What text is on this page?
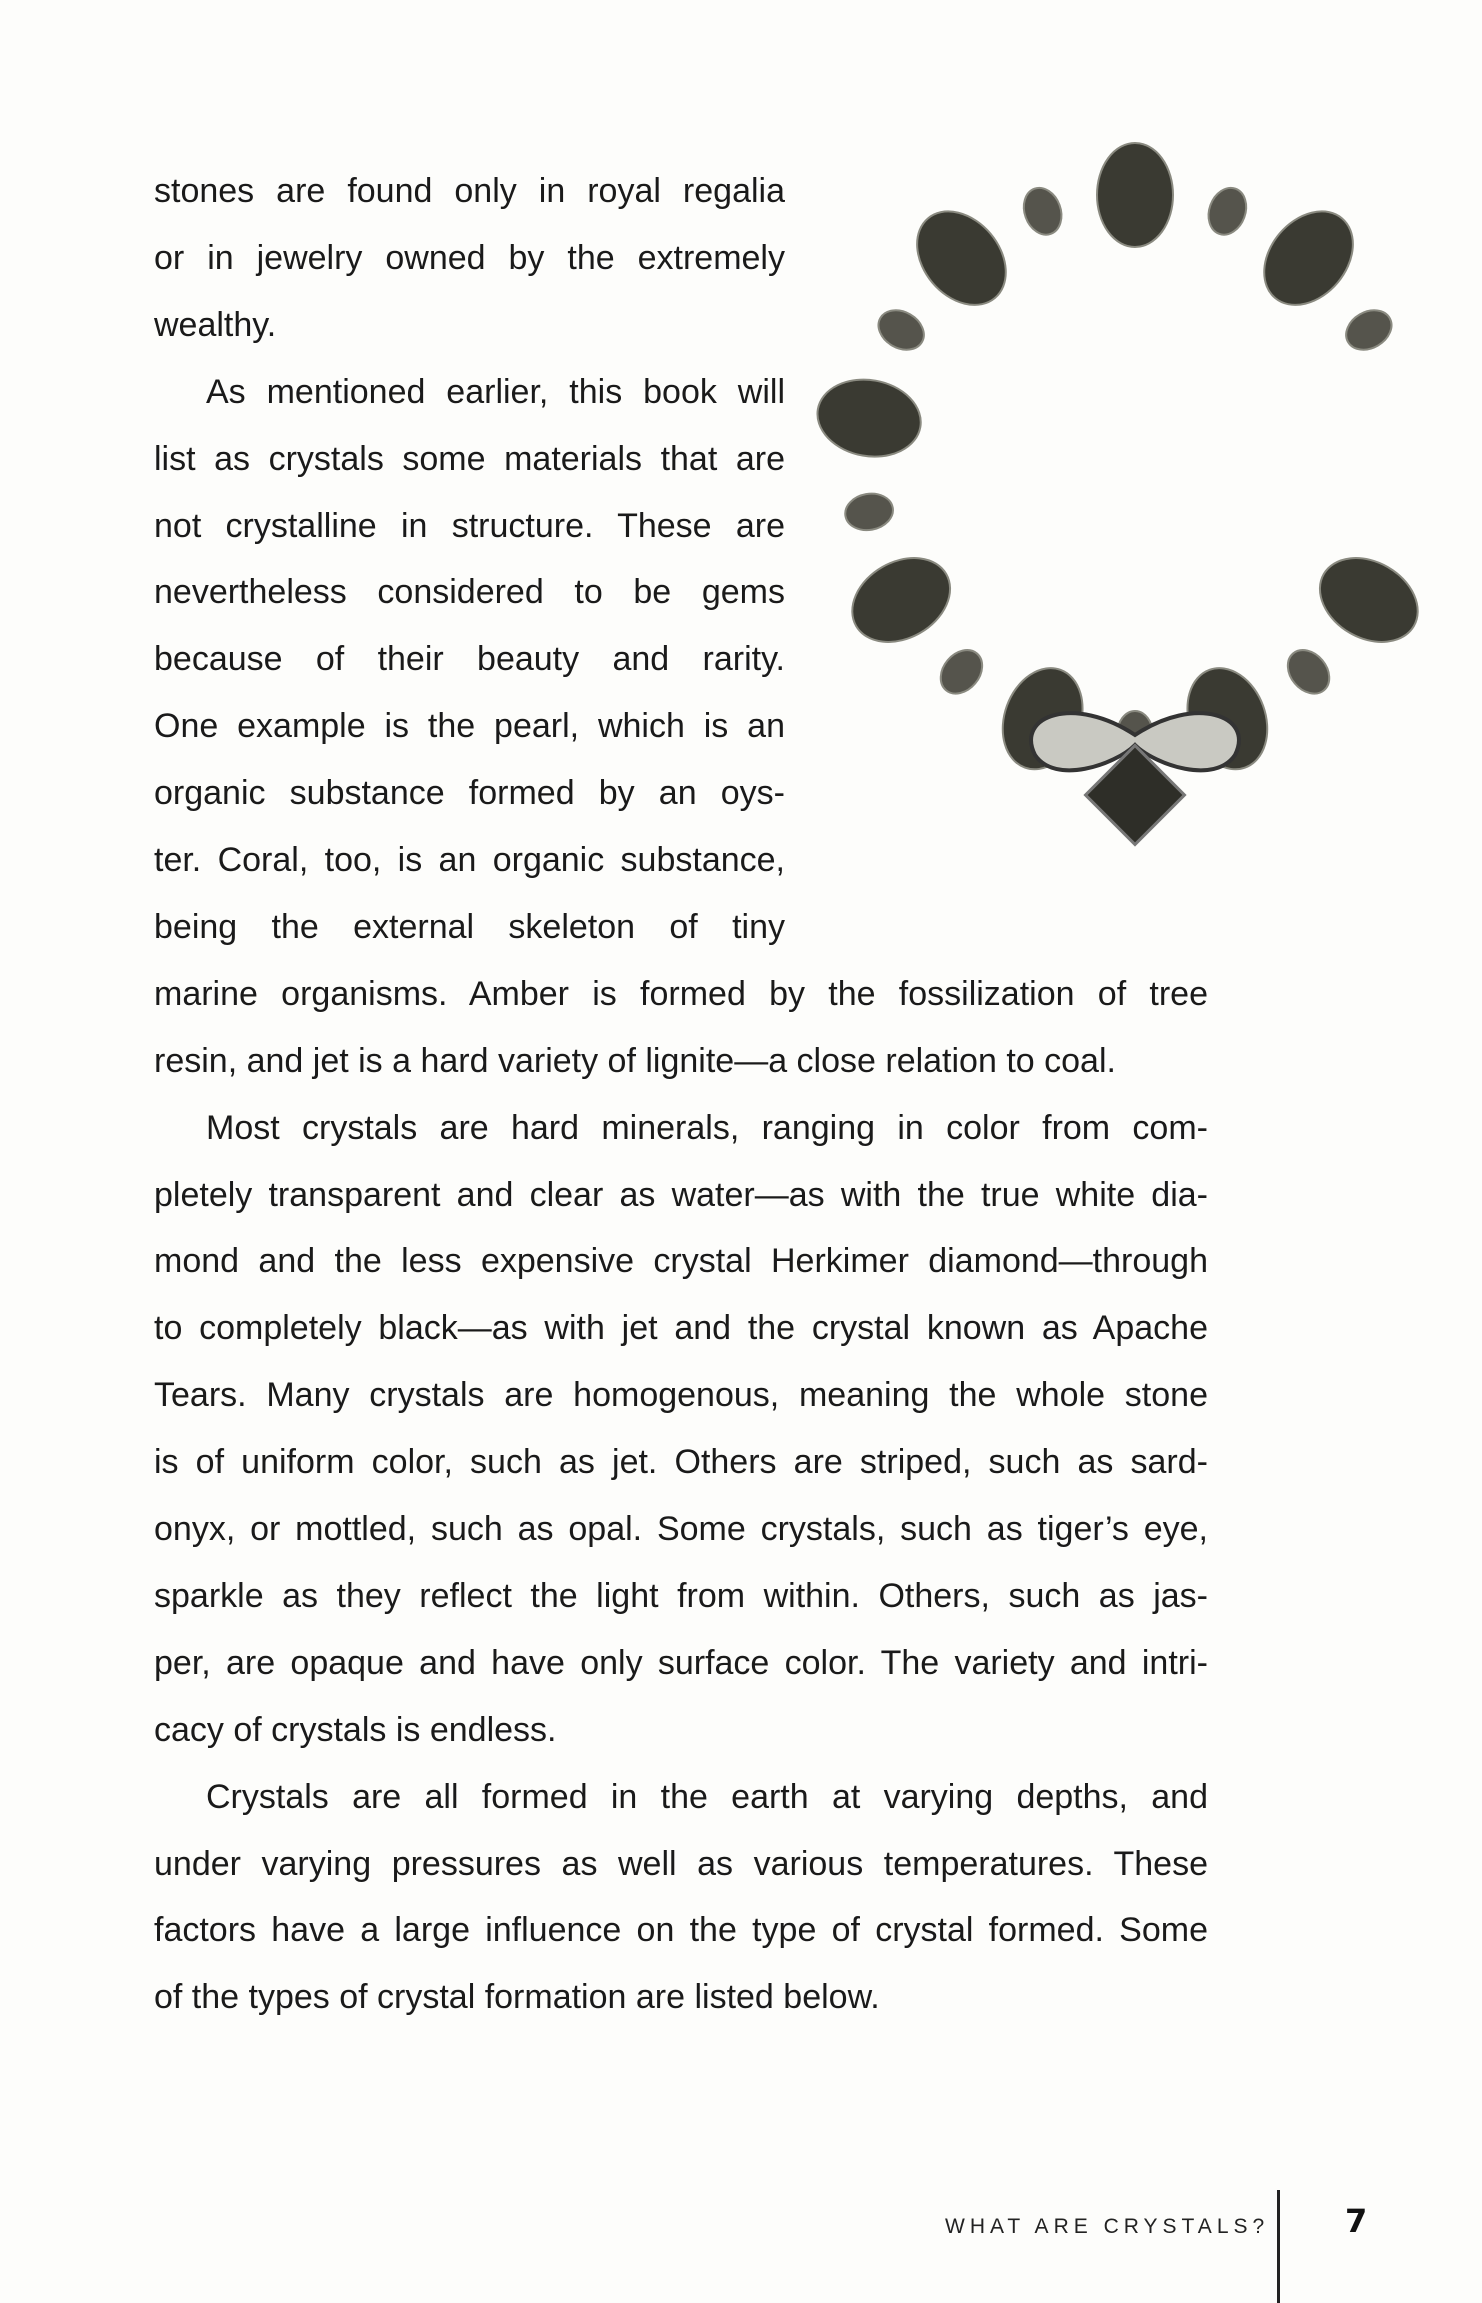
stones are found only in royal regalia
or in jewelry owned by the extremely
wealthy.
As mentioned earlier, this book will
list as crystals some materials that are
not crystalline in structure. These are
nevertheless considered to be gems
because of their beauty and rarity.
One example is the pearl, which is an
organic substance formed by an oys-
ter. Coral, too, is an organic substance,
being the external skeleton of tiny
marine organisms. Amber is formed by the fossilization of tree
resin, and jet is a hard variety of lignite—a close relation to coal.
Most crystals are hard minerals, ranging in color from com-
pletely transparent and clear as water—as with the true white dia-
mond and the less expensive crystal Herkimer diamond—through
to completely black—as with jet and the crystal known as Apache
Tears. Many crystals are homogenous, meaning the whole stone
is of uniform color, such as jet. Others are striped, such as sard-
onyx, or mottled, such as opal. Some crystals, such as tiger’s eye,
sparkle as they reflect the light from within. Others, such as jas-
per, are opaque and have only surface color. The variety and intri-
cacy of crystals is endless.
Crystals are all formed in the earth at varying depths, and
under varying pressures as well as various temperatures. These
factors have a large influence on the type of crystal formed. Some
of the types of crystal formation are listed below.
WHAT ARE CRYSTALS? 7
